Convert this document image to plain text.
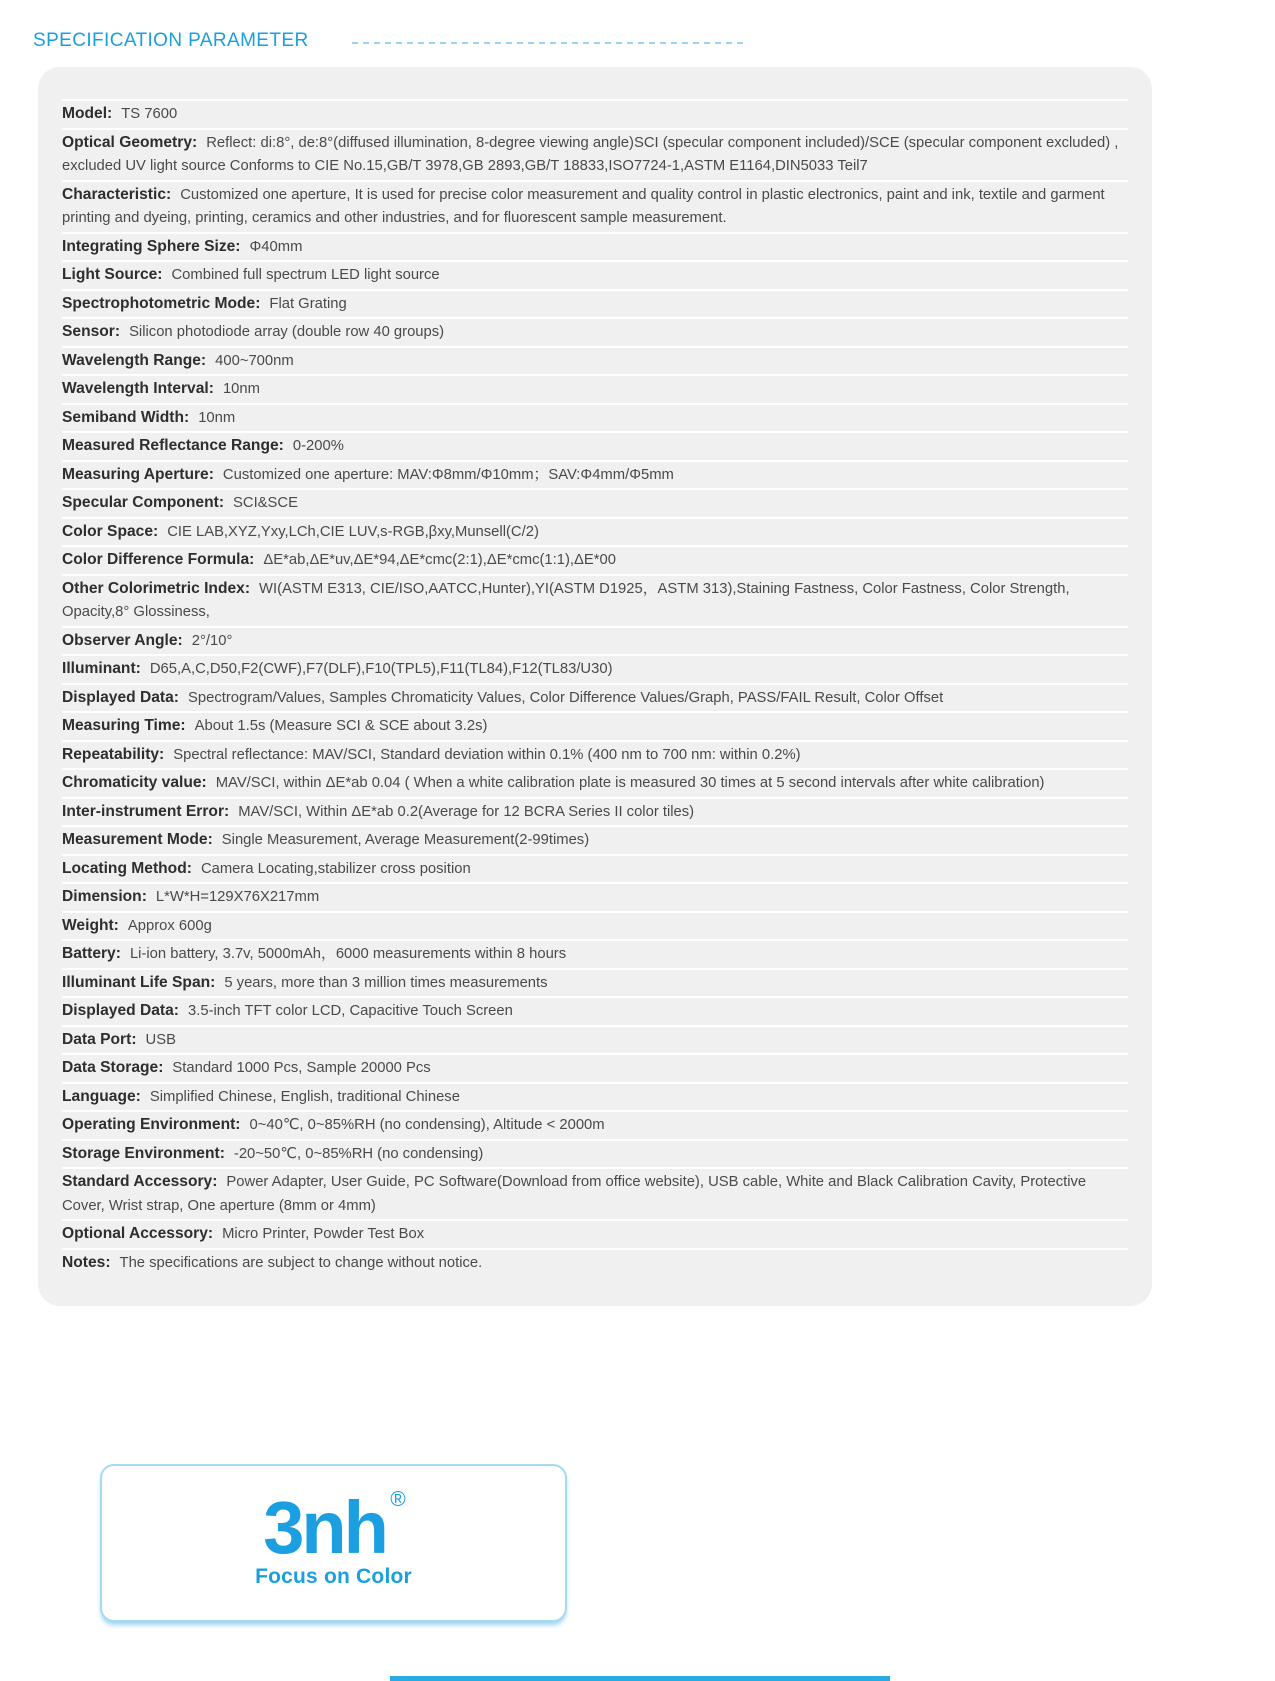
SPECIFICATION PARAMETER
Model: TS 7600
Optical Geometry: Reflect: di:8°, de:8°(diffused illumination, 8-degree viewing angle)SCI (specular component included)/SCE (specular component excluded) , excluded UV light source Conforms to CIE No.15,GB/T 3978,GB 2893,GB/T 18833,ISO7724-1,ASTM E1164,DIN5033 Teil7
Characteristic: Customized one aperture, It is used for precise color measurement and quality control in plastic electronics, paint and ink, textile and garment printing and dyeing, printing, ceramics and other industries, and for fluorescent sample measurement.
Integrating Sphere Size: Φ40mm
Light Source: Combined full spectrum LED light source
Spectrophotometric Mode: Flat Grating
Sensor: Silicon photodiode array (double row 40 groups)
Wavelength Range: 400~700nm
Wavelength Interval: 10nm
Semiband Width: 10nm
Measured Reflectance Range: 0-200%
Measuring Aperture: Customized one aperture: MAV:Φ8mm/Φ10mm；SAV:Φ4mm/Φ5mm
Specular Component: SCI&SCE
Color Space: CIE LAB,XYZ,Yxy,LCh,CIE LUV,s-RGB,βxy,Munsell(C/2)
Color Difference Formula: ΔE*ab,ΔE*uv,ΔE*94,ΔE*cmc(2:1),ΔE*cmc(1:1),ΔE*00
Other Colorimetric Index: WI(ASTM E313, CIE/ISO,AATCC,Hunter),YI(ASTM D1925，ASTM 313),Staining Fastness, Color Fastness, Color Strength, Opacity,8° Glossiness,
Observer Angle: 2°/10°
Illuminant: D65,A,C,D50,F2(CWF),F7(DLF),F10(TPL5),F11(TL84),F12(TL83/U30)
Displayed Data: Spectrogram/Values, Samples Chromaticity Values, Color Difference Values/Graph, PASS/FAIL Result, Color Offset
Measuring Time: About 1.5s (Measure SCI & SCE about 3.2s)
Repeatability: Spectral reflectance: MAV/SCI, Standard deviation within 0.1% (400 nm to 700 nm: within 0.2%)
Chromaticity value: MAV/SCI, within ΔE*ab 0.04 ( When a white calibration plate is measured 30 times at 5 second intervals after white calibration)
Inter-instrument Error: MAV/SCI, Within ΔE*ab 0.2(Average for 12 BCRA Series II color tiles)
Measurement Mode: Single Measurement, Average Measurement(2-99times)
Locating Method: Camera Locating,stabilizer cross position
Dimension: L*W*H=129X76X217mm
Weight: Approx 600g
Battery: Li-ion battery, 3.7v, 5000mAh，6000 measurements within 8 hours
Illuminant Life Span: 5 years, more than 3 million times measurements
Displayed Data: 3.5-inch TFT color LCD, Capacitive Touch Screen
Data Port: USB
Data Storage: Standard 1000 Pcs, Sample 20000 Pcs
Language: Simplified Chinese, English, traditional Chinese
Operating Environment: 0~40℃, 0~85%RH (no condensing), Altitude < 2000m
Storage Environment: -20~50℃, 0~85%RH (no condensing)
Standard Accessory: Power Adapter, User Guide, PC Software(Download from office website), USB cable, White and Black Calibration Cavity, Protective Cover, Wrist strap, One aperture (8mm or 4mm)
Optional Accessory: Micro Printer, Powder Test Box
Notes: The specifications are subject to change without notice.
3nh ®
Focus on Color
